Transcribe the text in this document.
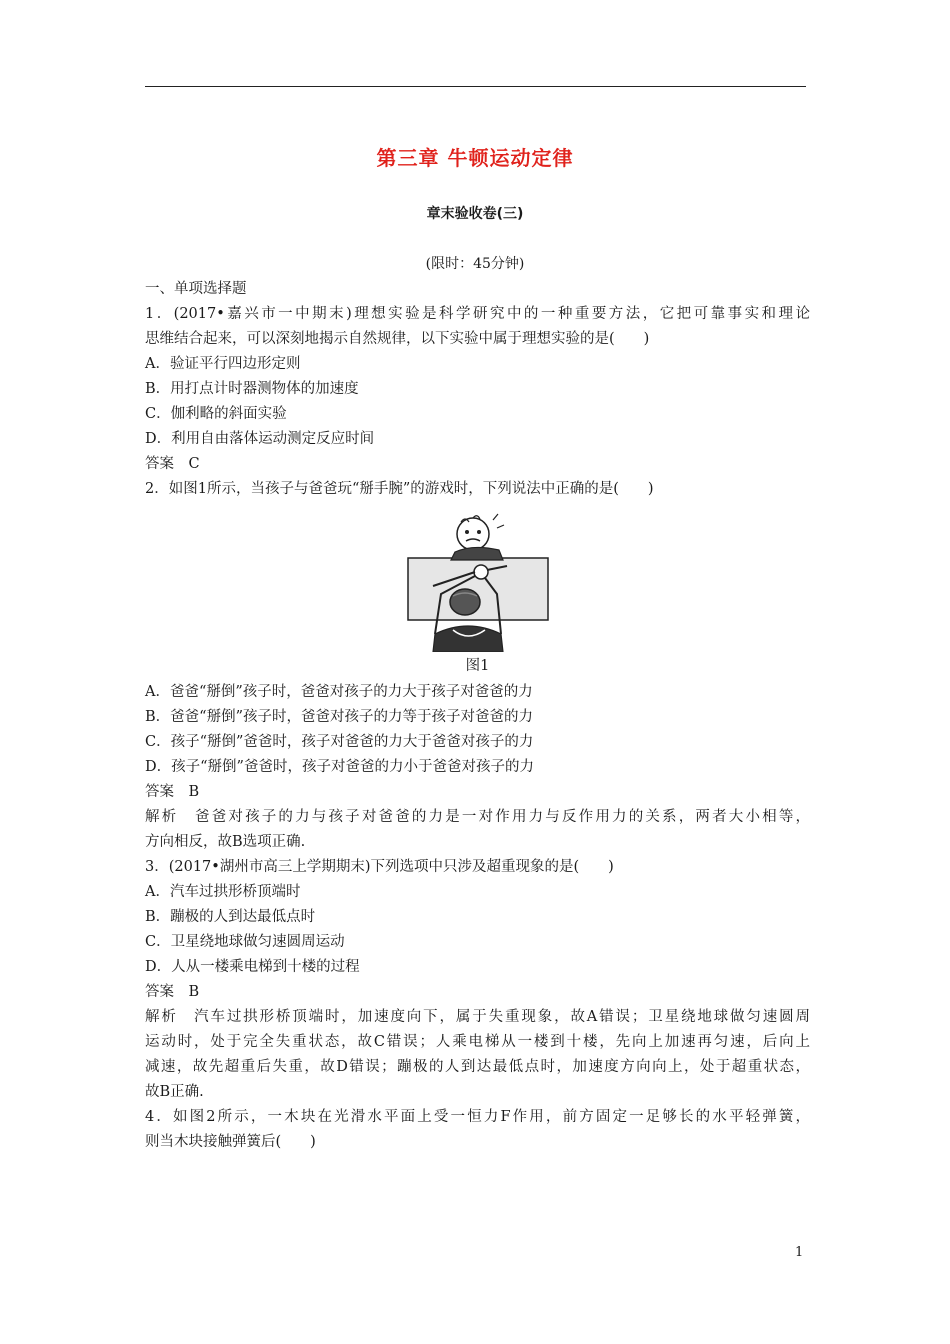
第三章 牛顿运动定律
章末验收卷(三)
(限时：45分钟)
一、单项选择题
1．(2017•嘉兴市一中期末)理想实验是科学研究中的一种重要方法，它把可靠事实和理论
思维结合起来，可以深刻地揭示自然规律，以下实验中属于理想实验的是(　　)
A．验证平行四边形定则
B．用打点计时器测物体的加速度
C．伽利略的斜面实验
D．利用自由落体运动测定反应时间
答案　C
2．如图1所示，当孩子与爸爸玩“掰手腕”的游戏时，下列说法中正确的是(　　)
图1
A．爸爸“掰倒”孩子时，爸爸对孩子的力大于孩子对爸爸的力
B．爸爸“掰倒”孩子时，爸爸对孩子的力等于孩子对爸爸的力
C．孩子“掰倒”爸爸时，孩子对爸爸的力大于爸爸对孩子的力
D．孩子“掰倒”爸爸时，孩子对爸爸的力小于爸爸对孩子的力
答案　B
解析　爸爸对孩子的力与孩子对爸爸的力是一对作用力与反作用力的关系，两者大小相等，
方向相反，故B选项正确.
3．(2017•湖州市高三上学期期末)下列选项中只涉及超重现象的是(　　)
A．汽车过拱形桥顶端时
B．蹦极的人到达最低点时
C．卫星绕地球做匀速圆周运动
D．人从一楼乘电梯到十楼的过程
答案　B
解析　汽车过拱形桥顶端时，加速度向下，属于失重现象，故A错误；卫星绕地球做匀速圆周
运动时，处于完全失重状态，故C错误；人乘电梯从一楼到十楼，先向上加速再匀速，后向上
减速，故先超重后失重，故D错误；蹦极的人到达最低点时，加速度方向向上，处于超重状态，
故B正确.
4．如图2所示，一木块在光滑水平面上受一恒力F作用，前方固定一足够长的水平轻弹簧，
则当木块接触弹簧后(　　)
1
